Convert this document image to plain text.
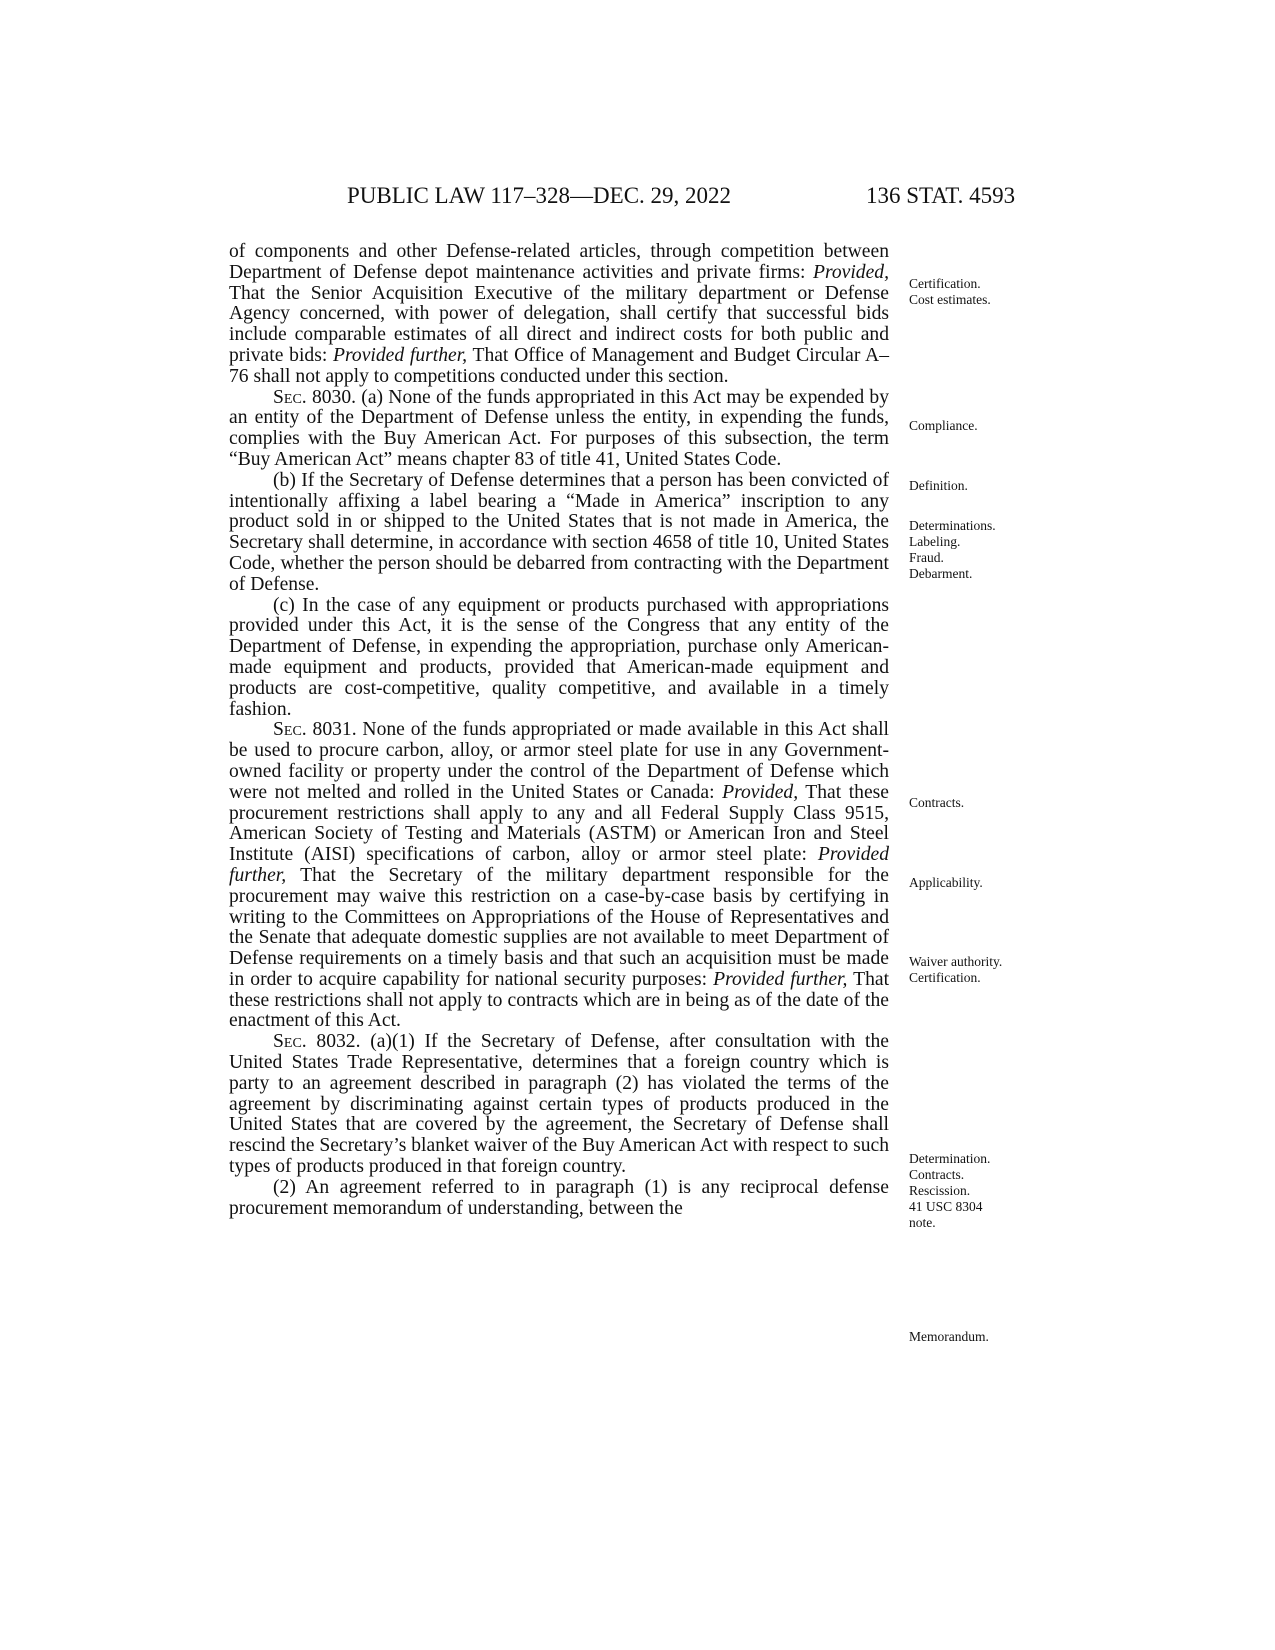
PUBLIC LAW 117–328—DEC. 29, 2022	136 STAT. 4593

of components and other Defense-related articles, through competition between Department of Defense depot maintenance activities and private firms: Provided, That the Senior Acquisition Executive of the military department or Defense Agency concerned, with power of delegation, shall certify that successful bids include comparable estimates of all direct and indirect costs for both public and private bids: Provided further, That Office of Management and Budget Circular A–76 shall not apply to competitions conducted under this section.

Sec. 8030. (a) None of the funds appropriated in this Act may be expended by an entity of the Department of Defense unless the entity, in expending the funds, complies with the Buy American Act. For purposes of this subsection, the term “Buy American Act” means chapter 83 of title 41, United States Code.

(b) If the Secretary of Defense determines that a person has been convicted of intentionally affixing a label bearing a “Made in America” inscription to any product sold in or shipped to the United States that is not made in America, the Secretary shall determine, in accordance with section 4658 of title 10, United States Code, whether the person should be debarred from contracting with the Department of Defense.

(c) In the case of any equipment or products purchased with appropriations provided under this Act, it is the sense of the Congress that any entity of the Department of Defense, in expending the appropriation, purchase only American-made equipment and products, provided that American-made equipment and products are cost-competitive, quality competitive, and available in a timely fashion.

Sec. 8031. None of the funds appropriated or made available in this Act shall be used to procure carbon, alloy, or armor steel plate for use in any Government-owned facility or property under the control of the Department of Defense which were not melted and rolled in the United States or Canada: Provided, That these procurement restrictions shall apply to any and all Federal Supply Class 9515, American Society of Testing and Materials (ASTM) or American Iron and Steel Institute (AISI) specifications of carbon, alloy or armor steel plate: Provided further, That the Secretary of the military department responsible for the procurement may waive this restriction on a case-by-case basis by certifying in writing to the Committees on Appropriations of the House of Representatives and the Senate that adequate domestic supplies are not available to meet Department of Defense requirements on a timely basis and that such an acquisition must be made in order to acquire capability for national security purposes: Provided further, That these restrictions shall not apply to contracts which are in being as of the date of the enactment of this Act.

Sec. 8032. (a)(1) If the Secretary of Defense, after consultation with the United States Trade Representative, determines that a foreign country which is party to an agreement described in paragraph (2) has violated the terms of the agreement by discriminating against certain types of products produced in the United States that are covered by the agreement, the Secretary of Defense shall rescind the Secretary’s blanket waiver of the Buy American Act with respect to such types of products produced in that foreign country.

(2) An agreement referred to in paragraph (1) is any reciprocal defense procurement memorandum of understanding, between the

Certification.
Cost estimates.
Compliance.
Definition.
Determinations.
Labeling.
Fraud.
Debarment.
Contracts.
Applicability.
Waiver authority.
Certification.
Determination.
Contracts.
Rescission.
41 USC 8304
note.
Memorandum.
